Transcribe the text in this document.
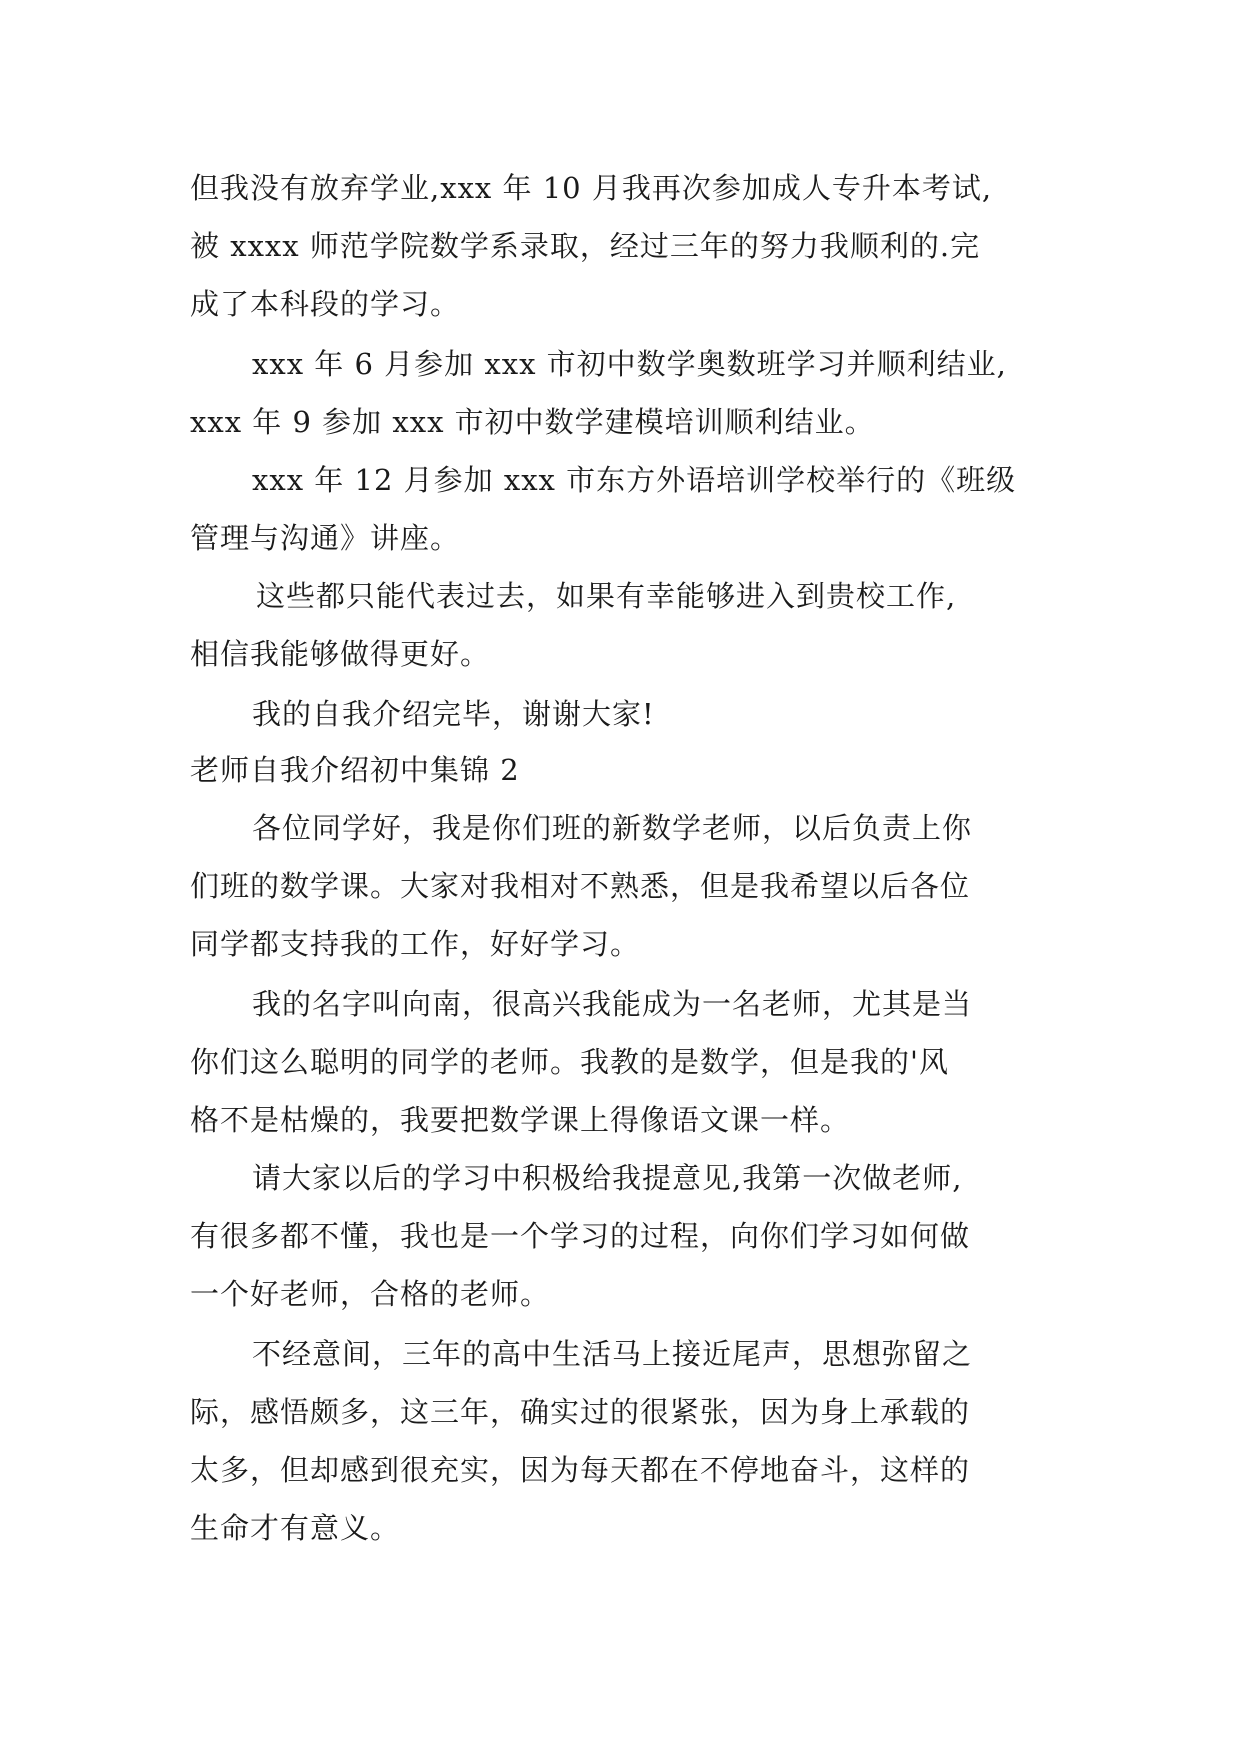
但我没有放弃学业,xxx 年 10 月我再次参加成人专升本考试,

被 xxxx 师范学院数学系录取，经过三年的努力我顺利的.完

成了本科段的学习。

xxx 年 6 月参加 xxx 市初中数学奥数班学习并顺利结业,

xxx 年 9 参加 xxx 市初中数学建模培训顺利结业。

xxx 年 12 月参加 xxx 市东方外语培训学校举行的《班级

管理与沟通》讲座。

这些都只能代表过去，如果有幸能够进入到贵校工作,

相信我能够做得更好。

我的自我介绍完毕，谢谢大家!

老师自我介绍初中集锦 2

各位同学好，我是你们班的新数学老师，以后负责上你

们班的数学课。大家对我相对不熟悉，但是我希望以后各位

同学都支持我的工作，好好学习。

我的名字叫向南，很高兴我能成为一名老师，尤其是当

你们这么聪明的同学的老师。我教的是数学，但是我的'风

格不是枯燥的，我要把数学课上得像语文课一样。

请大家以后的学习中积极给我提意见,我第一次做老师,

有很多都不懂，我也是一个学习的过程，向你们学习如何做

一个好老师，合格的老师。

不经意间，三年的高中生活马上接近尾声，思想弥留之

际，感悟颇多，这三年，确实过的很紧张，因为身上承载的

太多，但却感到很充实，因为每天都在不停地奋斗，这样的

生命才有意义。
